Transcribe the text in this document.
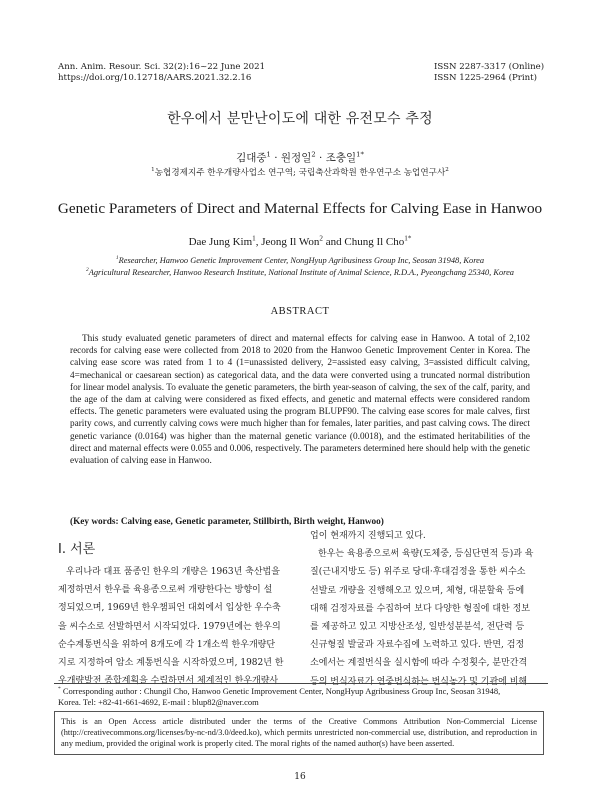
Ann. Anim. Resour. Sci. 32(2):16~22 June 2021
https://doi.org/10.12718/AARS.2021.32.2.16
ISSN 2287-3317 (Online)
ISSN 1225-2964 (Print)
한우에서 분만난이도에 대한 유전모수 추정
김대중$^1$ · 원정일$^2$ · 조충일$^{1*}$
$^1$농협경제지주 한우개량사업소 연구역; 국립축산과학원 한우연구소 농업연구사$^2$
Genetic Parameters of Direct and Maternal Effects for Calving Ease in Hanwoo
Dae Jung Kim$^1$, Jeong Il Won$^2$ and Chung Il Cho$^{1*}$
$^1$Researcher, Hanwoo Genetic Improvement Center, NongHyup Agribusiness Group Inc, Seosan 31948, Korea
$^2$Agricultural Researcher, Hanwoo Research Institute, National Institute of Animal Science, R.D.A., Pyeongchang 25340, Korea
ABSTRACT
This study evaluated genetic parameters of direct and maternal effects for calving ease in Hanwoo. A total of 2,102 records for calving ease were collected from 2018 to 2020 from the Hanwoo Genetic Improvement Center in Korea. The calving ease score was rated from 1 to 4 (1=unassisted delivery, 2=assisted easy calving, 3=assisted difficult calving, 4=mechanical or caesarean section) as categorical data, and the data were converted using a truncated normal distribution for linear model analysis. To evaluate the genetic parameters, the birth year-season of calving, the sex of the calf, parity, and the age of the dam at calving were considered as fixed effects, and genetic and maternal effects were considered random effects. The genetic parameters were evaluated using the program BLUPF90. The calving ease scores for male calves, first parity cows, and currently calving cows were much higher than for females, later parities, and past calving cows. The direct genetic variance (0.0164) was higher than the maternal genetic variance (0.0018), and the estimated heritabilities of the direct and maternal effects were 0.055 and 0.006, respectively. The parameters determined here should help with the genetic evaluation of calving ease in Hanwoo.
(Key words: Calving ease, Genetic parameter, Stillbirth, Birth weight, Hanwoo)
Ⅰ. 서론
우리나라 대표 품종인 한우의 개량은 1963년 축산법을
제정하면서 한우를 육용종으로써 개량한다는 방향이 설
정되었으며, 1969년 한우챔피언 대회에서 입상한 우수축
을 씨수소로 선발하면서 시작되었다. 1979년에는 한우의
순수계통번식을 위하여 8개도에 각 1개소씩 한우개량단
지로 지정하여 암소 계통번식을 시작하였으며, 1982년 한
우개량발전 종합계획을 수립하면서 체계적인 한우개량사
업이 현재까지 진행되고 있다.
한우는 육용종으로써 육량(도체중, 등심단면적 등)과 육
질(근내지방도 등) 위주로 당대·후대검정을 통한 씨수소
선발로 개량을 진행해오고 있으며, 체형, 대분할육 등에
대해 검정자료를 수집하여 보다 다양한 형질에 대한 정보
를 제공하고 있고 지방산조성, 일반성분분석, 전단력 등
신규형질 발굴과 자료수집에 노력하고 있다. 반면, 검정
소에서는 계절번식을 실시함에 따라 수정횟수, 분만간격
등의 번식자료가 연중번식하는 번식농가 및 기관에 비해
* Corresponding author : Chungil Cho, Hanwoo Genetic Improvement Center, NongHyup Agribusiness Group Inc, Seosan 31948,
Korea. Tel: +82-41-661-4692, E-mail : blup82@naver.com
This is an Open Access article distributed under the terms of the Creative Commons Attribution Non-Commercial License (http://creativecommons.org/licenses/by-nc-nd/3.0/deed.ko), which permits unrestricted non-commercial use, distribution, and reproduction in any medium, provided the original work is properly cited. The moral rights of the named author(s) have been asserted.
16
